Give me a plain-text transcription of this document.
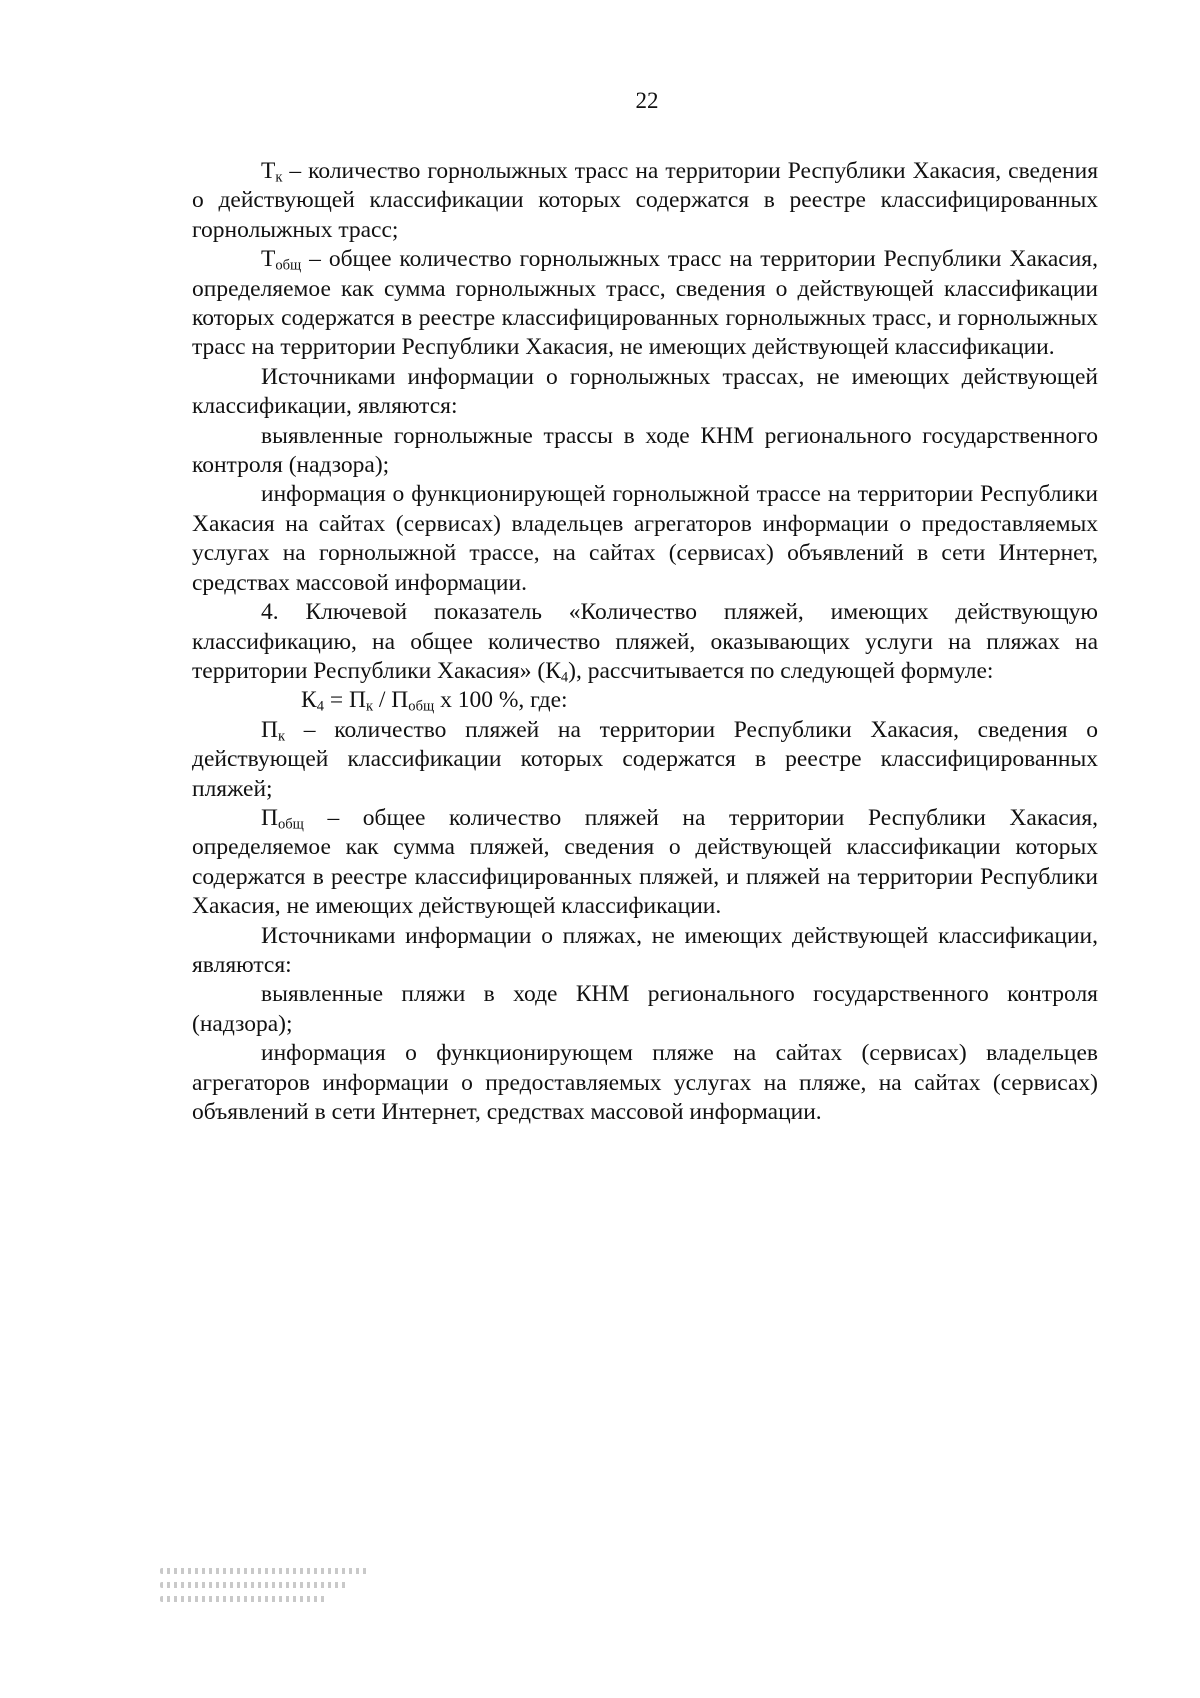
22

$Т_к$ – количество горнолыжных трасс на территории Республики Хакасия, сведения о действующей классификации которых содержатся в реестре классифицированных горнолыжных трасс;

$Т_{общ}$ – общее количество горнолыжных трасс на территории Республики Хакасия, определяемое как сумма горнолыжных трасс, сведения о действующей классификации которых содержатся в реестре классифицированных горнолыжных трасс, и горнолыжных трасс на территории Республики Хакасия, не имеющих действующей классификации.

Источниками информации о горнолыжных трассах, не имеющих действующей классификации, являются:

выявленные горнолыжные трассы в ходе КНМ регионального государственного контроля (надзора);

информация о функционирующей горнолыжной трассе на территории Республики Хакасия на сайтах (сервисах) владельцев агрегаторов информации о предоставляемых услугах на горнолыжной трассе, на сайтах (сервисах) объявлений в сети Интернет, средствах массовой информации.

4. Ключевой показатель «Количество пляжей, имеющих действующую классификацию, на общее количество пляжей, оказывающих услуги на пляжах на территории Республики Хакасия» $(К_4)$, рассчитывается по следующей формуле:

$К_4 = П_к / П_{общ}$ x 100 %, где:

$П_к$ – количество пляжей на территории Республики Хакасия, сведения о действующей классификации которых содержатся в реестре классифицированных пляжей;

$П_{общ}$ – общее количество пляжей на территории Республики Хакасия, определяемое как сумма пляжей, сведения о действующей классификации которых содержатся в реестре классифицированных пляжей, и пляжей на территории Республики Хакасия, не имеющих действующей классификации.

Источниками информации о пляжах, не имеющих действующей классификации, являются:

выявленные пляжи в ходе КНМ регионального государственного контроля (надзора);

информация о функционирующем пляже на сайтах (сервисах) владельцев агрегаторов информации о предоставляемых услугах на пляже, на сайтах (сервисах) объявлений в сети Интернет, средствах массовой информации.
